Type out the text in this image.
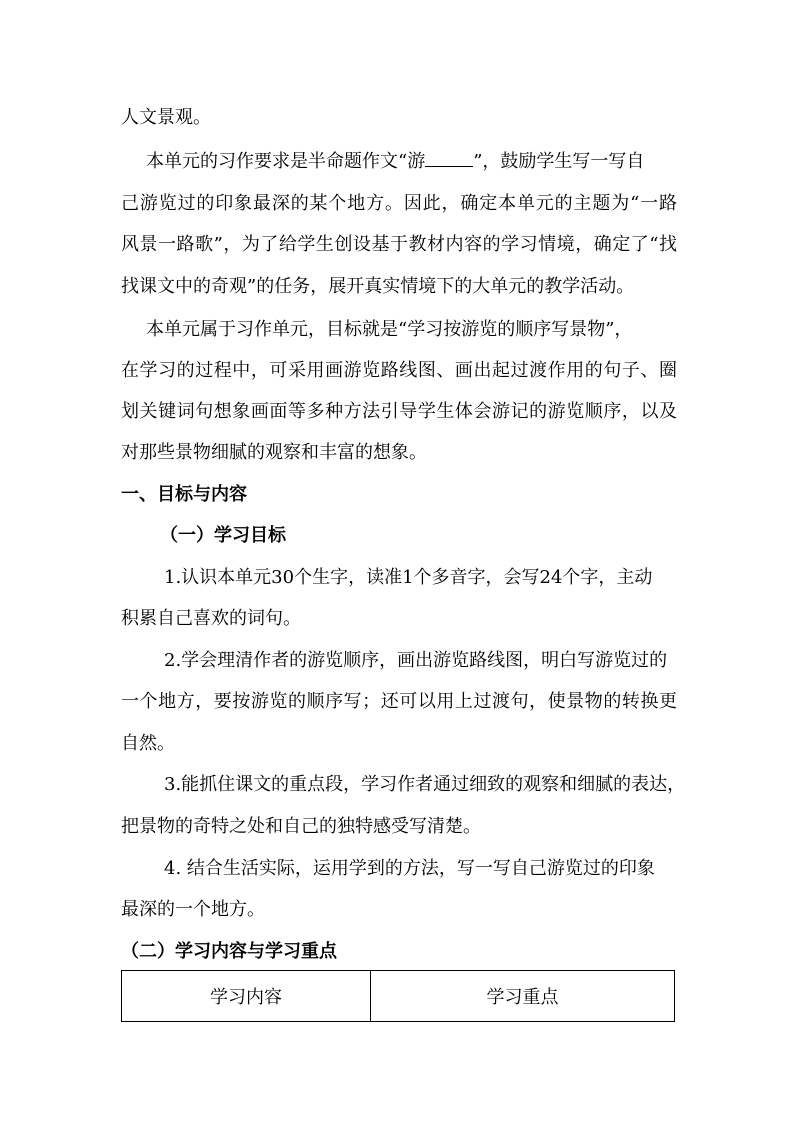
人文景观。
本单元的习作要求是半命题作文“游	”，鼓励学生写一写自
己游览过的印象最深的某个地方。因此，确定本单元的主题为“一路
风景一路歌”，为了给学生创设基于教材内容的学习情境，确定了“找
找课文中的奇观”的任务，展开真实情境下的大单元的教学活动。
本单元属于习作单元，目标就是“学习按游览的顺序写景物”，
在学习的过程中，可采用画游览路线图、画出起过渡作用的句子、圈
划关键词句想象画面等多种方法引导学生体会游记的游览顺序，以及
对那些景物细腻的观察和丰富的想象。
一、目标与内容
（一）学习目标
1.认识本单元30个生字，读准1个多音字，会写24个字，主动
积累自己喜欢的词句。
2.学会理清作者的游览顺序，画出游览路线图，明白写游览过的
一个地方，要按游览的顺序写；还可以用上过渡句，使景物的转换更
自然。
3.能抓住课文的重点段，学习作者通过细致的观察和细腻的表达，
把景物的奇特之处和自己的独特感受写清楚。
4. 结合生活实际，运用学到的方法，写一写自己游览过的印象
最深的一个地方。
（二）学习内容与学习重点
学习内容	学习重点
